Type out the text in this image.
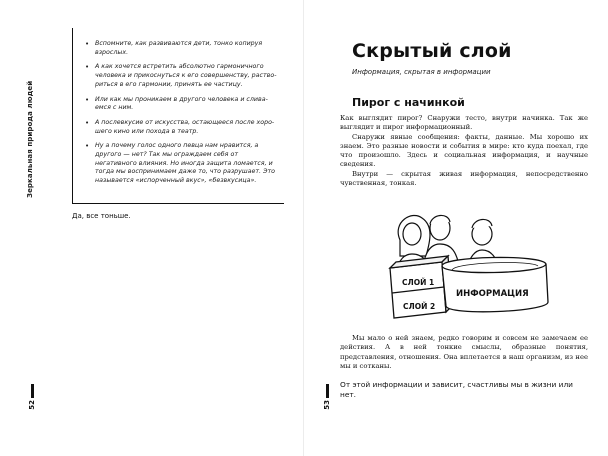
Зеркальная природа людей
• Вспомните, как развиваются дети, тонко копируя взрослых.
• А как хочется встретить абсолютно гармоничного человека и прикоснуться к его совершенству, раствориться в его гармонии, принять ее частицу.
• Или как мы проникаем в другого человека и сливаемся с ним.
• А послевкусие от искусства, остающееся после хорошего кино или похода в театр.
• Ну а почему голос одного певца нам нравится, а другого — нет? Так мы ограждаем себя от негативного влияния. Но иногда защита ломается, и тогда мы воспринимаем даже то, что разрушает. Это называется «испорченный вкус», «безвкусица».
Да, все тоньше.
52
Скрытый слой
Информация, скрытая в информации
Пирог с начинкой

Как выглядит пирог? Снаружи тесто, внутри начинка. Так же выглядит и пирог информационный.

Снаружи явные сообщения: факты, данные. Мы хорошо их знаем. Это разные новости и события в мире: кто куда поехал, где что произошло. Здесь и социальная информация, и научные сведения.

Внутри — скрытая живая информация, непосредственно чувственная, тонкая.

СЛОЙ 1
СЛОЙ 2
ИНФОРМАЦИЯ

Мы мало о ней знаем, редко говорим и совсем не замечаем ее действия. А в ней тонкие смыслы, образные понятия, представления, отношения. Она вплетается в наш организм, из нее мы и сотканы.

От этой информации и зависит, счастливы мы в жизни или нет.
53
